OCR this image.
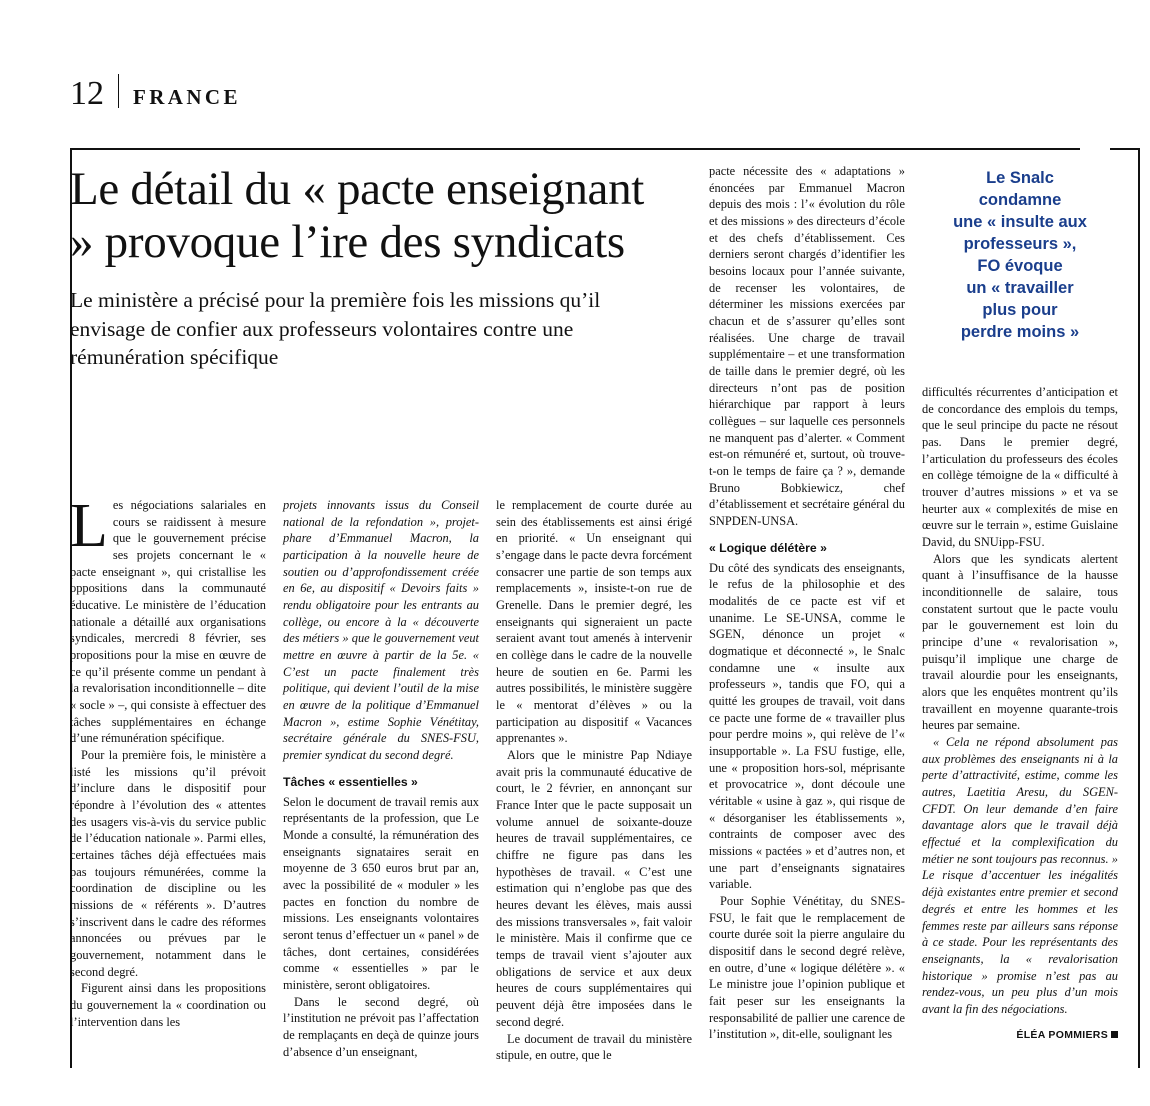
12 FRANCE
Le détail du « pacte enseignant » provoque l’ire des syndicats

Le ministère a précisé pour la première fois les missions qu’il envisage de confier aux professeurs volontaires contre une rémunération spécifique

Le Snalc
condamne
une « insulte aux
professeurs »,
FO évoque
un « travailler
plus pour
perdre moins »

Les négociations salariales en cours se raidissent à mesure que le gouvernement précise ses projets concernant le « pacte enseignant », qui cristallise les oppositions dans la communauté éducative. Le ministère de l’éducation nationale a détaillé aux organisations syndicales, mercredi 8 février, ses propositions pour la mise en œuvre de ce qu’il présente comme un pendant à la revalorisation inconditionnelle – dite « socle » –, qui consiste à effectuer des tâches supplémentaires en échange d’une rémunération spécifique.

Pour la première fois, le ministère a listé les missions qu’il prévoit d’inclure dans le dispositif pour répondre à l’évolution des « attentes des usagers vis-à-vis du service public de l’éducation nationale ». Parmi elles, certaines tâches déjà effectuées mais pas toujours rémunérées, comme la coordination de discipline ou les missions de « référents ». D’autres s’inscrivent dans le cadre des réformes annoncées ou prévues par le gouvernement, notamment dans le second degré.

Figurent ainsi dans les propositions du gouvernement la « coordination ou l’intervention dans les

projets innovants issus du Conseil national de la refondation », projet-phare d’Emmanuel Macron, la participation à la nouvelle heure de soutien ou d’approfondissement créée en 6e, au dispositif « Devoirs faits » rendu obligatoire pour les entrants au collège, ou encore à la « découverte des métiers » que le gouvernement veut mettre en œuvre à partir de la 5e. « C’est un pacte finalement très politique, qui devient l’outil de la mise en œuvre de la politique d’Emmanuel Macron », estime Sophie Vénétitay, secrétaire générale du SNES-FSU, premier syndicat du second degré.

Tâches « essentielles »

Selon le document de travail remis aux représentants de la profession, que Le Monde a consulté, la rémunération des enseignants signataires serait en moyenne de 3 650 euros brut par an, avec la possibilité de « moduler » les pactes en fonction du nombre de missions. Les enseignants volontaires seront tenus d’effectuer un « panel » de tâches, dont certaines, considérées comme « essentielles » par le ministère, seront obligatoires.

Dans le second degré, où l’institution ne prévoit pas l’affectation de remplaçants en deçà de quinze jours d’absence d’un enseignant,

le remplacement de courte durée au sein des établissements est ainsi érigé en priorité. « Un enseignant qui s’engage dans le pacte devra forcément consacrer une partie de son temps aux remplacements », insiste-t-on rue de Grenelle. Dans le premier degré, les enseignants qui signeraient un pacte seraient avant tout amenés à intervenir en collège dans le cadre de la nouvelle heure de soutien en 6e. Parmi les autres possibilités, le ministère suggère le « mentorat d’élèves » ou la participation au dispositif « Vacances apprenantes ».

Alors que le ministre Pap Ndiaye avait pris la communauté éducative de court, le 2 février, en annonçant sur France Inter que le pacte supposait un volume annuel de soixante-douze heures de travail supplémentaires, ce chiffre ne figure pas dans les hypothèses de travail. « C’est une estimation qui n’englobe pas que des heures devant les élèves, mais aussi des missions transversales », fait valoir le ministère. Mais il confirme que ce temps de travail vient s’ajouter aux obligations de service et aux deux heures de cours supplémentaires qui peuvent déjà être imposées dans le second degré.

Le document de travail du ministère stipule, en outre, que le

pacte nécessite des « adaptations » énoncées par Emmanuel Macron depuis des mois : l’« évolution du rôle et des missions » des directeurs d’école et des chefs d’établissement. Ces derniers seront chargés d’identifier les besoins locaux pour l’année suivante, de recenser les volontaires, de déterminer les missions exercées par chacun et de s’assurer qu’elles sont réalisées. Une charge de travail supplémentaire – et une transformation de taille dans le premier degré, où les directeurs n’ont pas de position hiérarchique par rapport à leurs collègues – sur laquelle ces personnels ne manquent pas d’alerter. « Comment est-on rémunéré et, surtout, où trouve-t-on le temps de faire ça ? », demande Bruno Bobkiewicz, chef d’établissement et secrétaire général du SNPDEN-UNSA.

« Logique délétère »

Du côté des syndicats des enseignants, le refus de la philosophie et des modalités de ce pacte est vif et unanime. Le SE-UNSA, comme le SGEN, dénonce un projet « dogmatique et déconnecté », le Snalc condamne une « insulte aux professeurs », tandis que FO, qui a quitté les groupes de travail, voit dans ce pacte une forme de « travailler plus pour perdre moins », qui relève de l’« insupportable ». La FSU fustige, elle, une « proposition hors-sol, méprisante et provocatrice », dont découle une véritable « usine à gaz », qui risque de « désorganiser les établissements », contraints de composer avec des missions « pactées » et d’autres non, et une part d’enseignants signataires variable.

Pour Sophie Vénétitay, du SNES-FSU, le fait que le remplacement de courte durée soit la pierre angulaire du dispositif dans le second degré relève, en outre, d’une « logique délétère ». « Le ministre joue l’opinion publique et fait peser sur les enseignants la responsabilité de pallier une carence de l’institution », dit-elle, soulignant les

difficultés récurrentes d’anticipation et de concordance des emplois du temps, que le seul principe du pacte ne résout pas. Dans le premier degré, l’articulation du professeurs des écoles en collège témoigne de la « difficulté à trouver d’autres missions » et va se heurter aux « complexités de mise en œuvre sur le terrain », estime Guislaine David, du SNUipp-FSU.

Alors que les syndicats alertent quant à l’insuffisance de la hausse inconditionnelle de salaire, tous constatent surtout que le pacte voulu par le gouvernement est loin du principe d’une « revalorisation », puisqu’il implique une charge de travail alourdie pour les enseignants, alors que les enquêtes montrent qu’ils travaillent en moyenne quarante-trois heures par semaine.

« Cela ne répond absolument pas aux problèmes des enseignants ni à la perte d’attractivité, estime, comme les autres, Laetitia Aresu, du SGEN-CFDT. On leur demande d’en faire davantage alors que le travail déjà effectué et la complexification du métier ne sont toujours pas reconnus. » Le risque d’accentuer les inégalités déjà existantes entre premier et second degrés et entre les hommes et les femmes reste par ailleurs sans réponse à ce stade. Pour les représentants des enseignants, la « revalorisation historique » promise n’est pas au rendez-vous, un peu plus d’un mois avant la fin des négociations.

ÉLÉA POMMIERS
